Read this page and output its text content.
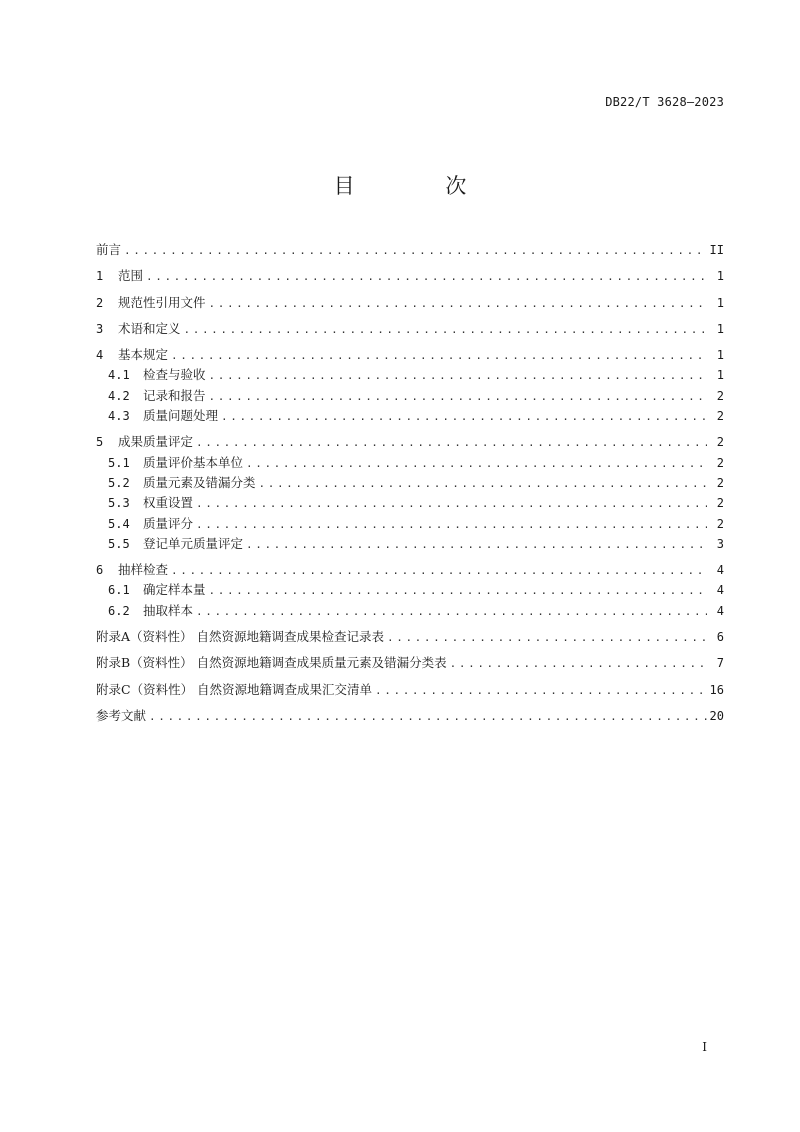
DB22/T 3628—2023
目 次
前言 .....	II
1	范围 .....	1
2	规范性引用文件 .....	1
3	术语和定义 .....	1
4	基本规定 .....	1
4.1	检查与验收 .....	1
4.2	记录和报告 .....	2
4.3	质量问题处理 .....	2
5	成果质量评定 .....	2
5.1	质量评价基本单位 .....	2
5.2	质量元素及错漏分类 .....	2
5.3	权重设置 .....	2
5.4	质量评分 .....	2
5.5	登记单元质量评定 .....	3
6	抽样检查 .....	4
6.1	确定样本量 .....	4
6.2	抽取样本 .....	4
附录A（资料性） 自然资源地籍调查成果检查记录表 .....	6
附录B（资料性） 自然资源地籍调查成果质量元素及错漏分类表 .....	7
附录C（资料性） 自然资源地籍调查成果汇交清单 .....	16
参考文献 .....	20
I
